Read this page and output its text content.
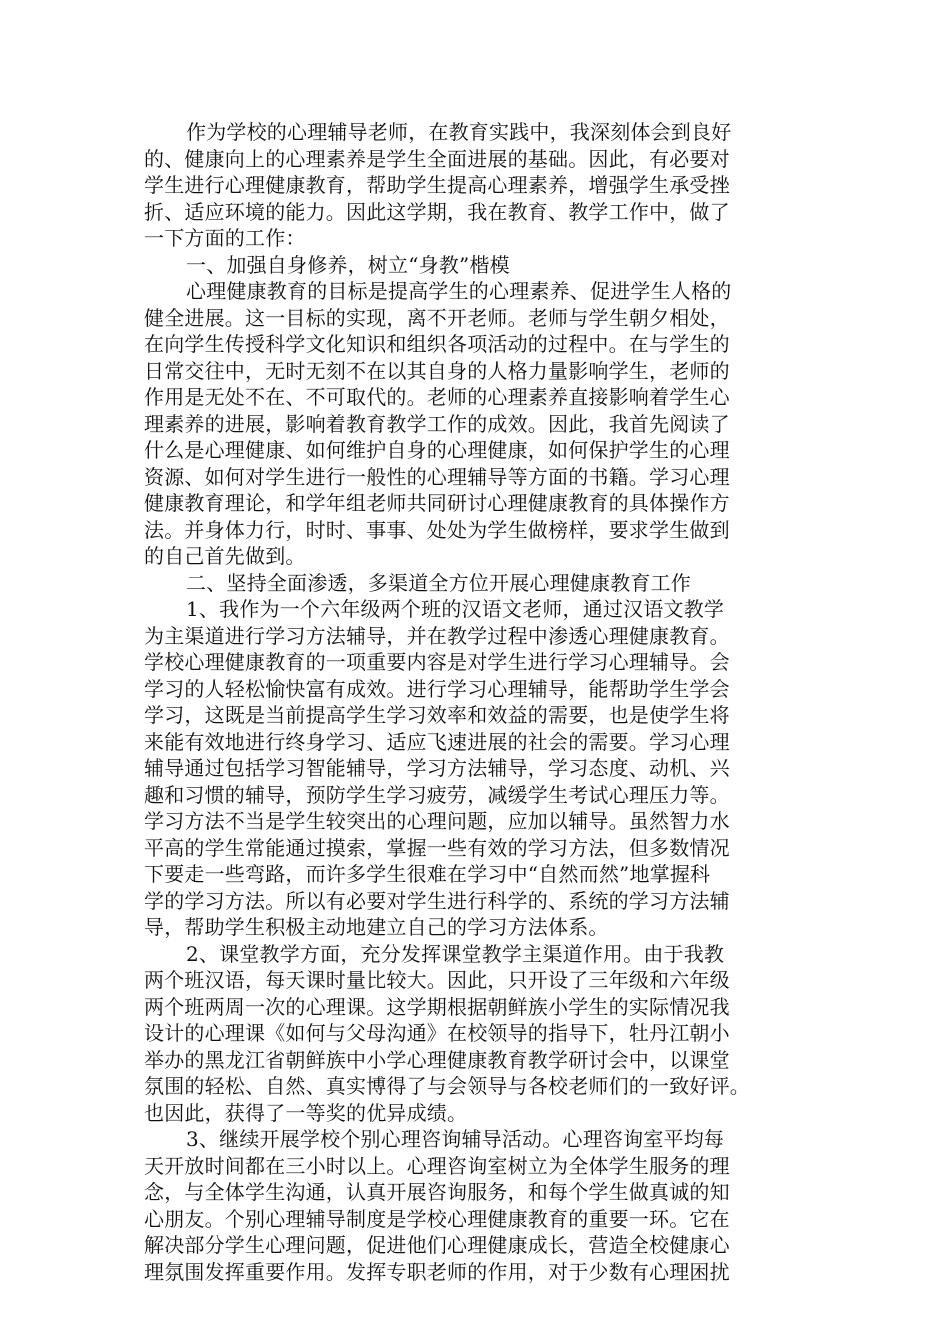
作为学校的心理辅导老师，在教育实践中，我深刻体会到良好
的、健康向上的心理素养是学生全面进展的基础。因此，有必要对
学生进行心理健康教育，帮助学生提高心理素养，增强学生承受挫
折、适应环境的能力。因此这学期，我在教育、教学工作中，做了
一下方面的工作：
一、加强自身修养，树立“身教”楷模
心理健康教育的目标是提高学生的心理素养、促进学生人格的
健全进展。这一目标的实现，离不开老师。老师与学生朝夕相处，
在向学生传授科学文化知识和组织各项活动的过程中。在与学生的
日常交往中，无时无刻不在以其自身的人格力量影响学生，老师的
作用是无处不在、不可取代的。老师的心理素养直接影响着学生心
理素养的进展，影响着教育教学工作的成效。因此，我首先阅读了
什么是心理健康、如何维护自身的心理健康，如何保护学生的心理
资源、如何对学生进行一般性的心理辅导等方面的书籍。学习心理
健康教育理论，和学年组老师共同研讨心理健康教育的具体操作方
法。并身体力行，时时、事事、处处为学生做榜样，要求学生做到
的自己首先做到。
二、坚持全面渗透，多渠道全方位开展心理健康教育工作
1、我作为一个六年级两个班的汉语文老师，通过汉语文教学
为主渠道进行学习方法辅导，并在教学过程中渗透心理健康教育。
学校心理健康教育的一项重要内容是对学生进行学习心理辅导。会
学习的人轻松愉快富有成效。进行学习心理辅导，能帮助学生学会
学习，这既是当前提高学生学习效率和效益的需要，也是使学生将
来能有效地进行终身学习、适应飞速进展的社会的需要。学习心理
辅导通过包括学习智能辅导，学习方法辅导，学习态度、动机、兴
趣和习惯的辅导，预防学生学习疲劳，减缓学生考试心理压力等。
学习方法不当是学生较突出的心理问题，应加以辅导。虽然智力水
平高的学生常能通过摸索，掌握一些有效的学习方法，但多数情况
下要走一些弯路，而许多学生很难在学习中“自然而然”地掌握科
学的学习方法。所以有必要对学生进行科学的、系统的学习方法辅
导，帮助学生积极主动地建立自己的学习方法体系。
2、课堂教学方面，充分发挥课堂教学主渠道作用。由于我教
两个班汉语，每天课时量比较大。因此，只开设了三年级和六年级
两个班两周一次的心理课。这学期根据朝鲜族小学生的实际情况我
设计的心理课《如何与父母沟通》在校领导的指导下，牡丹江朝小
举办的黑龙江省朝鲜族中小学心理健康教育教学研讨会中，以课堂
氛围的轻松、自然、真实博得了与会领导与各校老师们的一致好评。
也因此，获得了一等奖的优异成绩。
3、继续开展学校个别心理咨询辅导活动。心理咨询室平均每
天开放时间都在三小时以上。心理咨询室树立为全体学生服务的理
念，与全体学生沟通，认真开展咨询服务，和每个学生做真诚的知
心朋友。个别心理辅导制度是学校心理健康教育的重要一环。它在
解决部分学生心理问题，促进他们心理健康成长，营造全校健康心
理氛围发挥重要作用。发挥专职老师的作用，对于少数有心理困扰
